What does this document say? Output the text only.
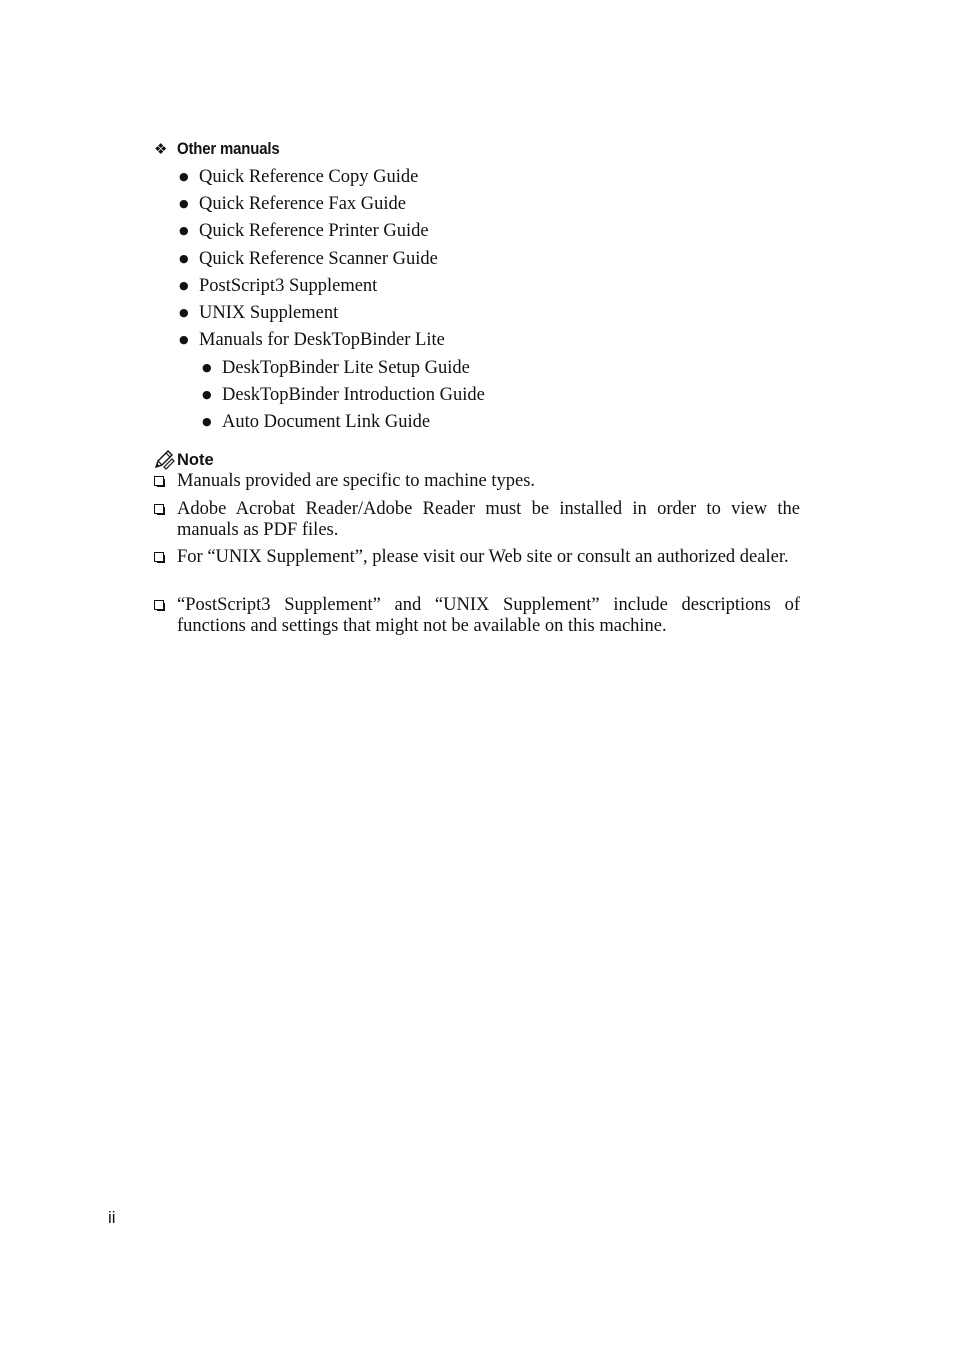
❖ Other manuals
● Quick Reference Copy Guide
● Quick Reference Fax Guide
● Quick Reference Printer Guide
● Quick Reference Scanner Guide
● PostScript3 Supplement
● UNIX Supplement
● Manuals for DeskTopBinder Lite
● DeskTopBinder Lite Setup Guide
● DeskTopBinder Introduction Guide
● Auto Document Link Guide
Note
Manuals provided are specific to machine types.
Adobe Acrobat Reader/Adobe Reader must be installed in order to view the manuals as PDF files.
For “UNIX Supplement”, please visit our Web site or consult an authorized dealer.
“PostScript3 Supplement” and “UNIX Supplement” include descriptions of functions and settings that might not be available on this machine.
ii
